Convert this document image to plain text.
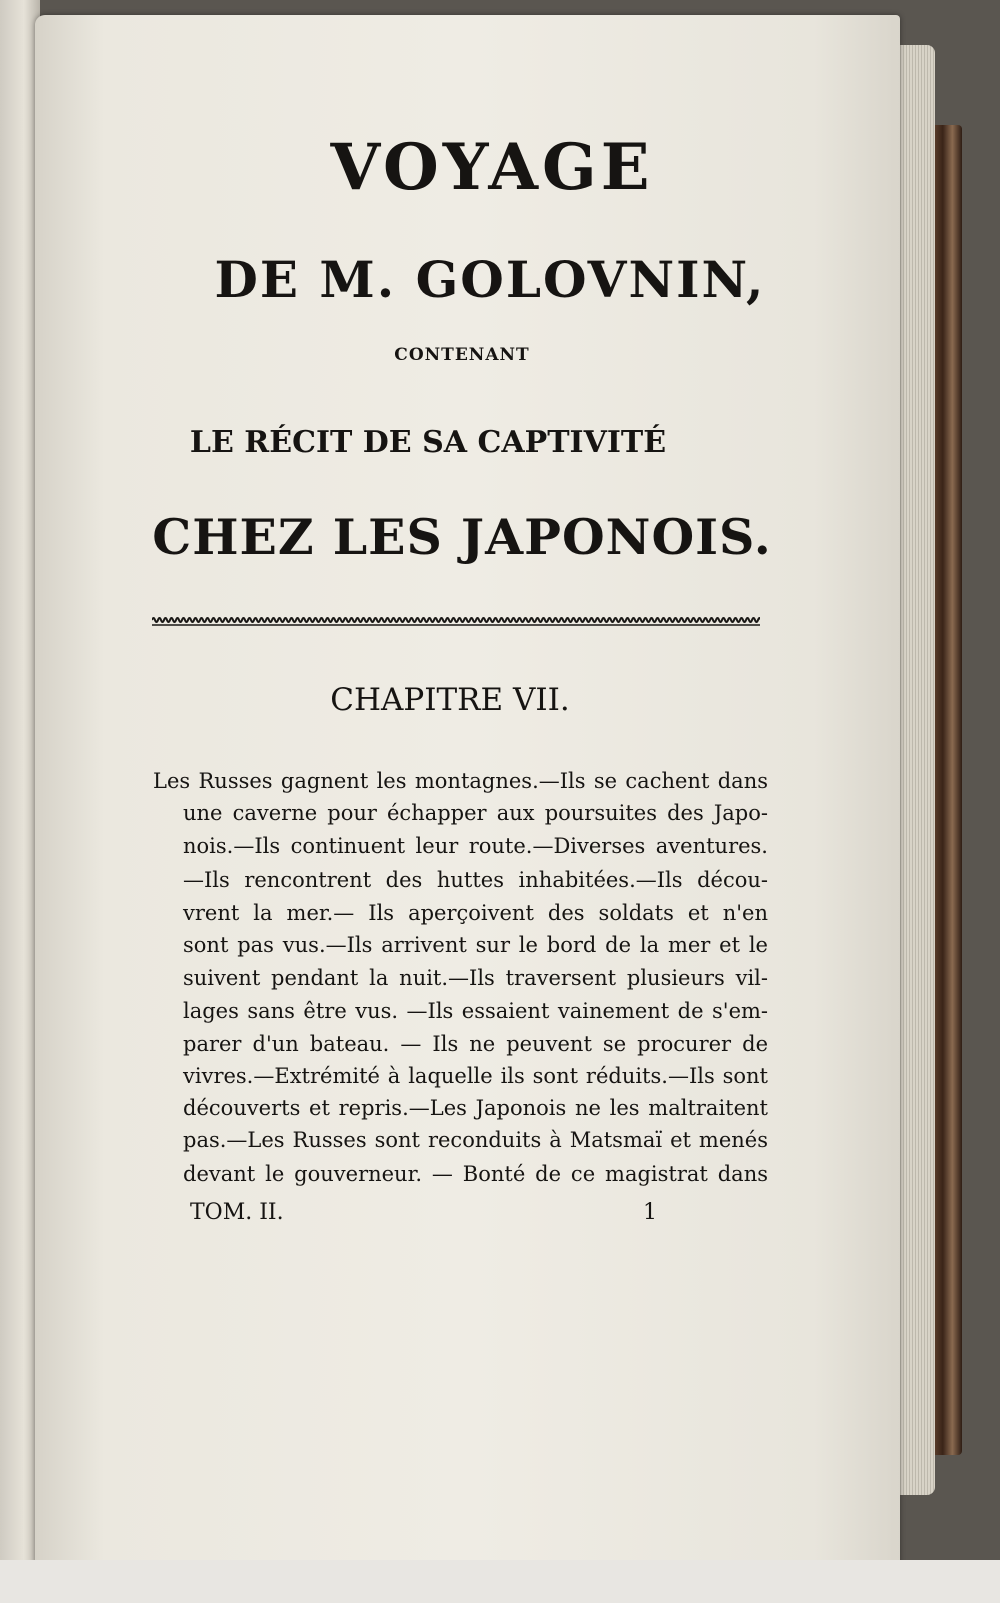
VOYAGE
DE M. GOLOVNIN,
CONTENANT
LE RÉCIT DE SA CAPTIVITÉ
CHEZ LES JAPONOIS.
CHAPITRE VII.
Les Russes gagnent les montagnes.—Ils se cachent dans
une caverne pour échapper aux poursuites des Japo-
nois.—Ils continuent leur route.—Diverses aventures.
—Ils rencontrent des huttes inhabitées.—Ils décou-
vrent la mer.— Ils aperçoivent des soldats et n'en
sont pas vus.—Ils arrivent sur le bord de la mer et le
suivent pendant la nuit.—Ils traversent plusieurs vil-
lages sans être vus. —Ils essaient vainement de s'em-
parer d'un bateau. — Ils ne peuvent se procurer de
vivres.—Extrémité à laquelle ils sont réduits.—Ils sont
découverts et repris.—Les Japonois ne les maltraitent
pas.—Les Russes sont reconduits à Matsmaï et menés
devant le gouverneur. — Bonté de ce magistrat dans
TOM. II.	1
